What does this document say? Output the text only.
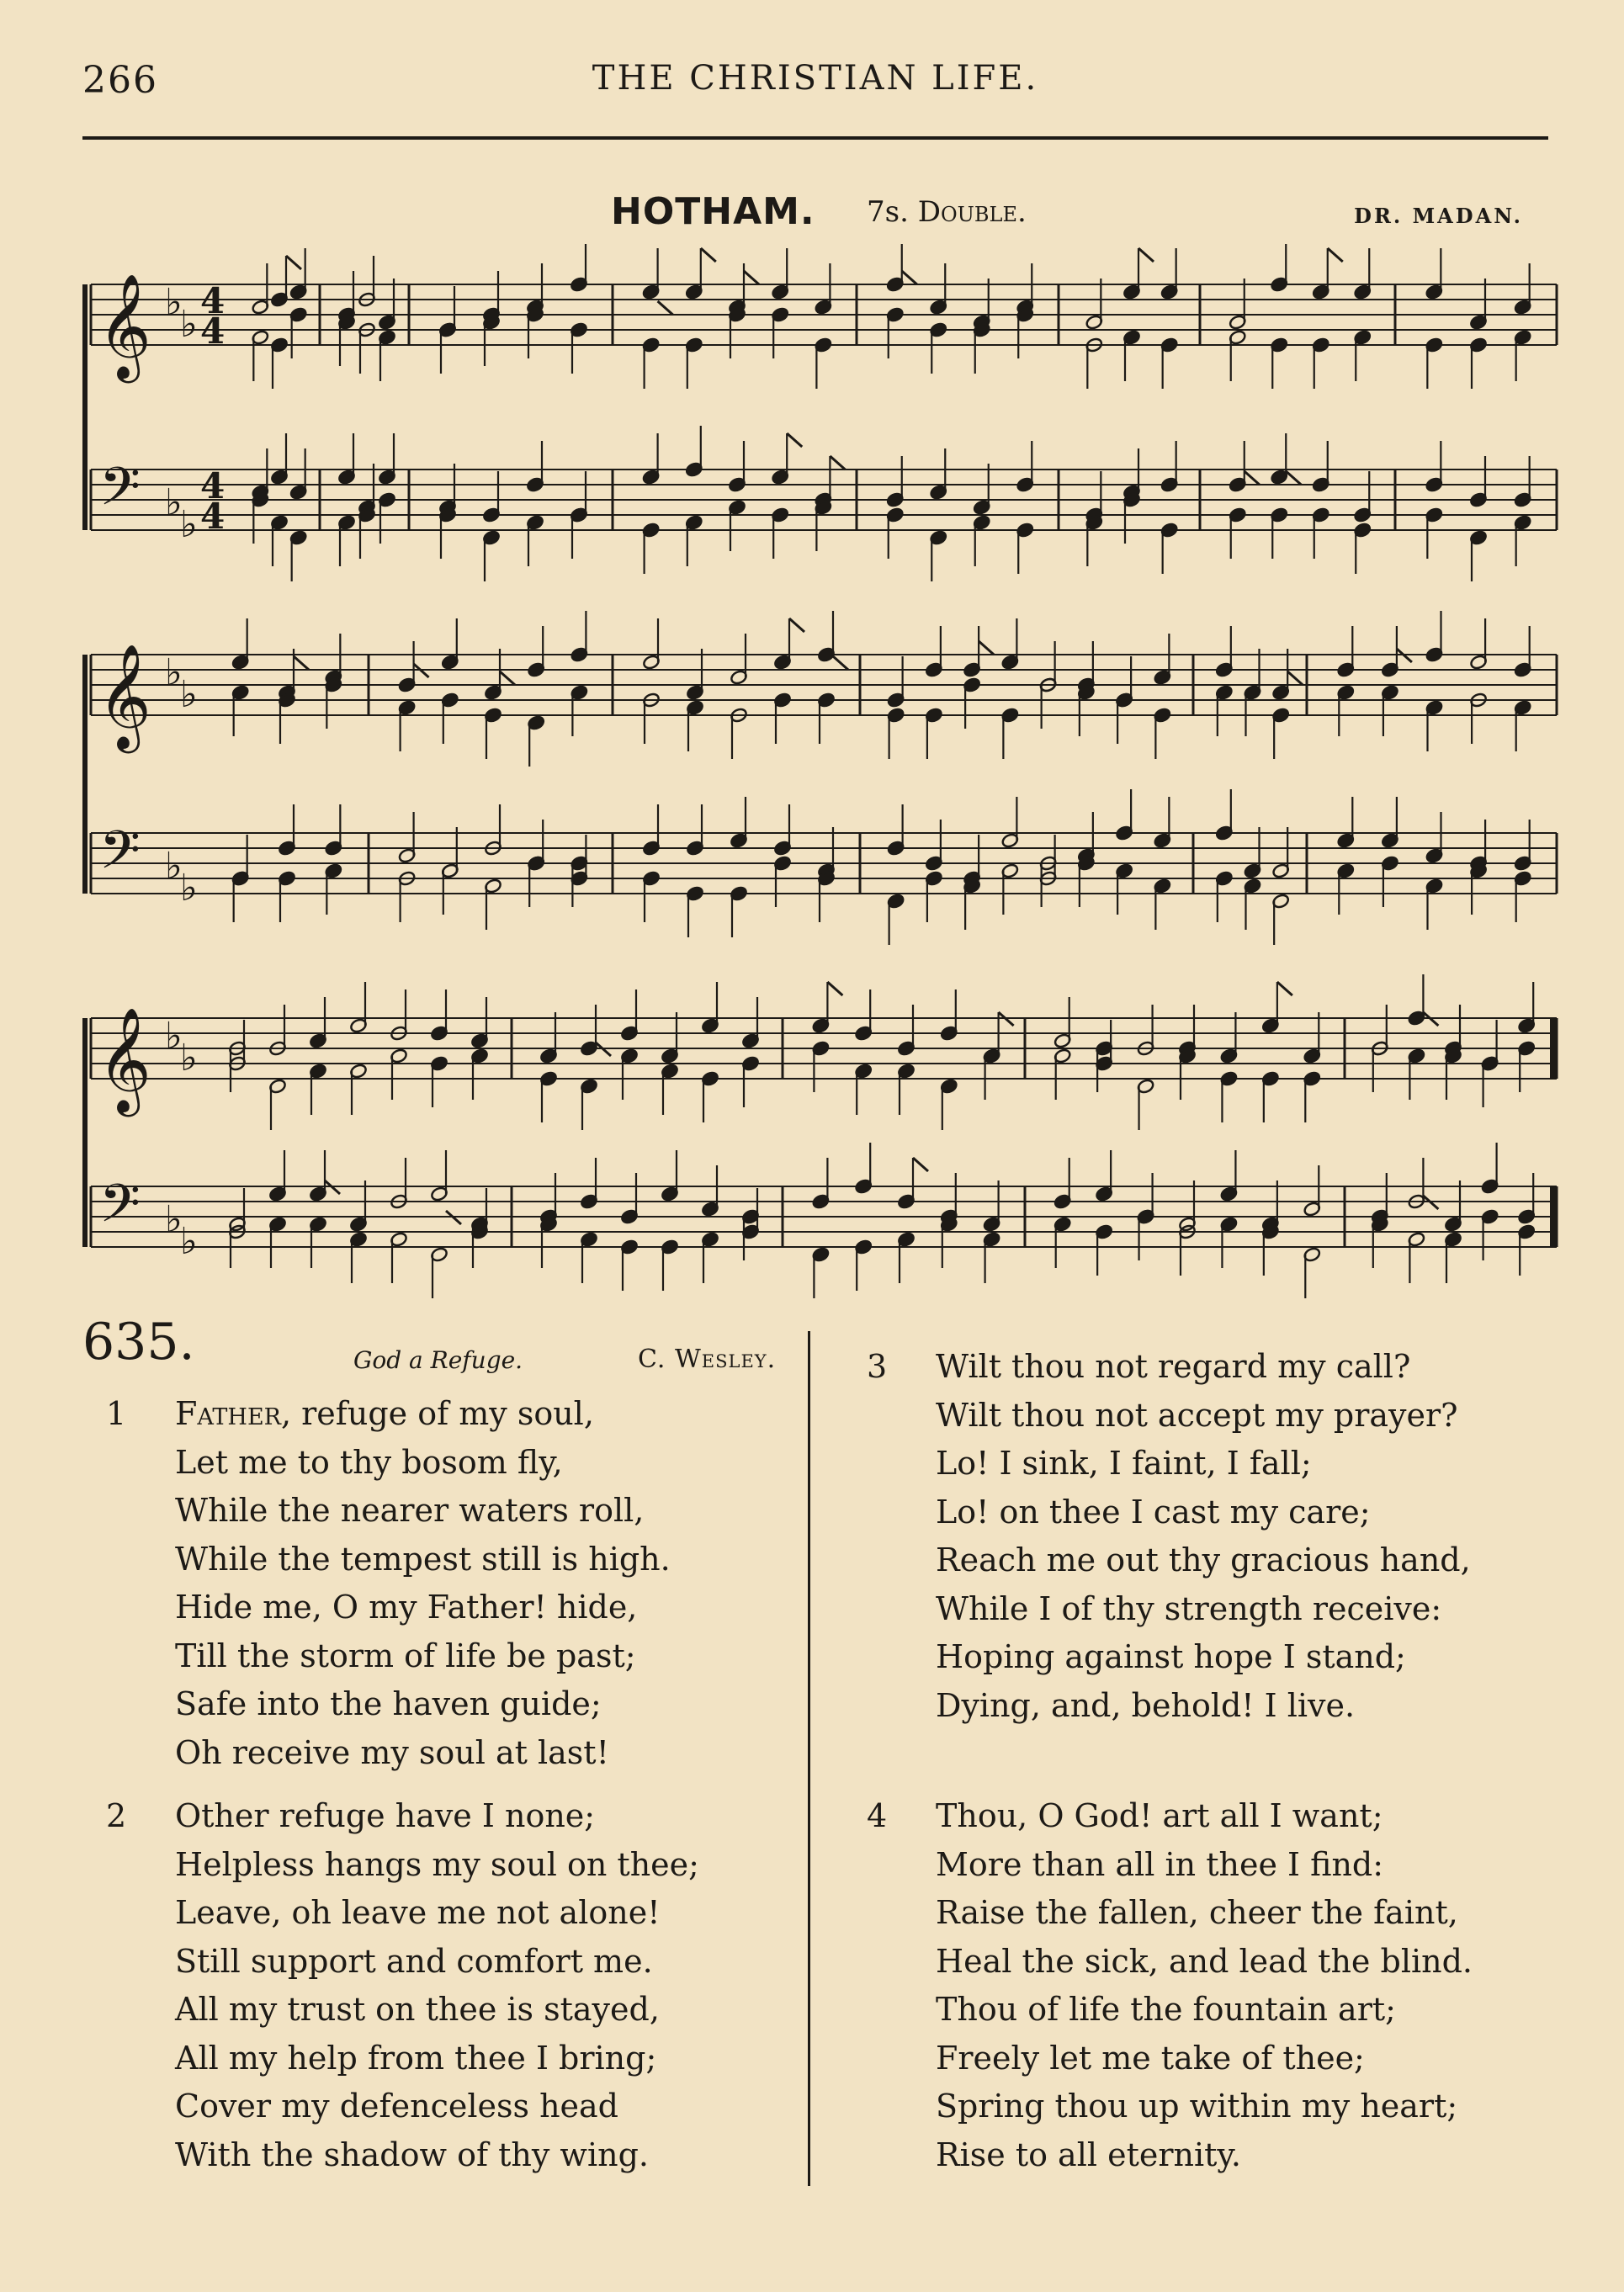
266	THE CHRISTIAN LIFE.
HOTHAM. 7s. Double.	DR. MADAN.
𝄞 ♭
♭
4
4
𝄢 ♭
♭
4
4
𝄞 ♭
♭
𝄢 ♭
♭
𝄞 ♭
♭
𝄢 ♭
♭
635.	God a Refuge.	C. Wesley.
1	Father, refuge of my soul,
Let me to thy bosom fly,
While the nearer waters roll,
While the tempest still is high.
Hide me, O my Father! hide,
Till the storm of life be past;
Safe into the haven guide;
Oh receive my soul at last!
2	Other refuge have I none;
Helpless hangs my soul on thee;
Leave, oh leave me not alone!
Still support and comfort me.
All my trust on thee is stayed,
All my help from thee I bring;
Cover my defenceless head
With the shadow of thy wing.
3	Wilt thou not regard my call?
Wilt thou not accept my prayer?
Lo! I sink, I faint, I fall;
Lo! on thee I cast my care;
Reach me out thy gracious hand,
While I of thy strength receive:
Hoping against hope I stand;
Dying, and, behold! I live.
4	Thou, O God! art all I want;
More than all in thee I find:
Raise the fallen, cheer the faint,
Heal the sick, and lead the blind.
Thou of life the fountain art;
Freely let me take of thee;
Spring thou up within my heart;
Rise to all eternity.
